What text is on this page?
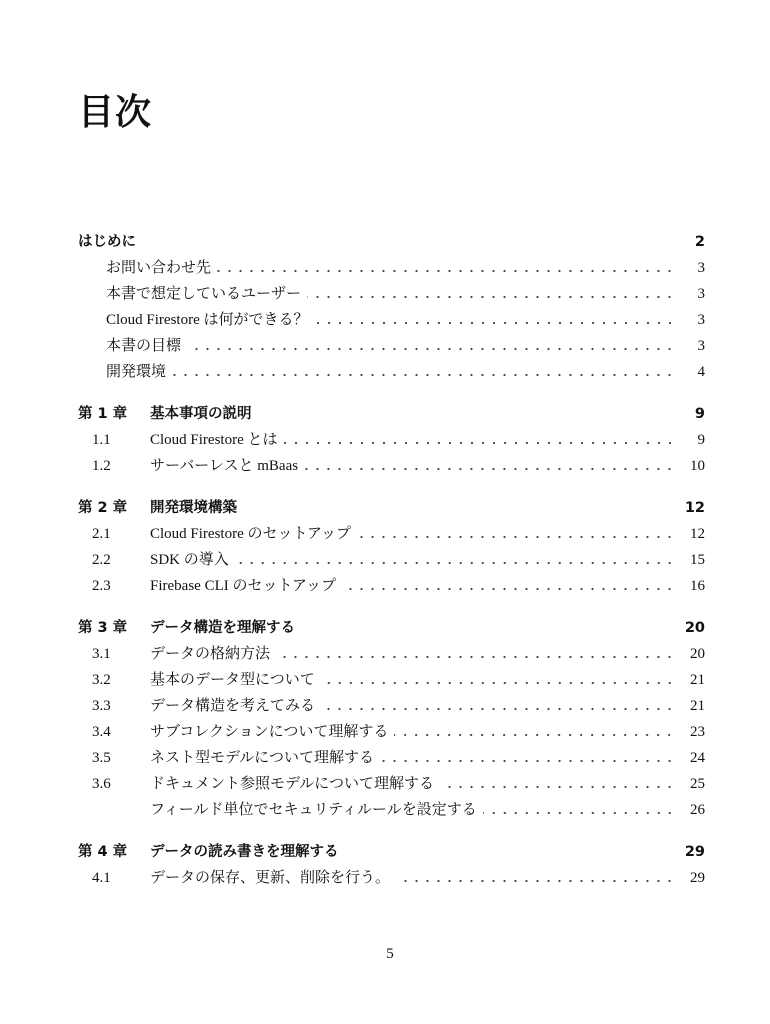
目次
はじめに	2
お問い合わせ先	3
本書で想定しているユーザー	3
Cloud Firestore は何ができる？	3
本書の目標	3
開発環境	4
第 1 章	基本事項の説明	9
1.1	Cloud Firestore とは	9
1.2	サーバーレスと mBaas	10
第 2 章	開発環境構築	12
2.1	Cloud Firestore のセットアップ	12
2.2	SDK の導入	15
2.3	Firebase CLI のセットアップ	16
第 3 章	データ構造を理解する	20
3.1	データの格納方法	20
3.2	基本のデータ型について	21
3.3	データ構造を考えてみる	21
3.4	サブコレクションについて理解する	23
3.5	ネスト型モデルについて理解する	24
3.6	ドキュメント参照モデルについて理解する	25
フィールド単位でセキュリティルールを設定する	26
第 4 章	データの読み書きを理解する	29
4.1	データの保存、更新、削除を行う。	29
5
